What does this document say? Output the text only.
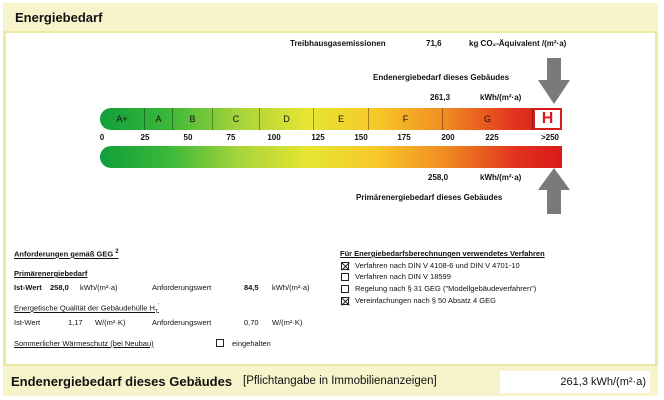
Energiebedarf
Treibhausgasemissionen	71,6	kg CO₂-Äquivalent /(m²·a)
Endenergiebedarf dieses Gebäudes
261,3	kWh/(m²·a)
A+	A	B	C	D	E	F	G	H
0	25	50	75	100	125	150	175	200	225	>250
258,0	kWh/(m²·a)
Primärenergiebedarf dieses Gebäudes
Anforderungen gemäß GEG $^2$
Primärenergiebedarf
Ist-Wert 258,0 kWh/(m²·a)	Anforderungswert	84,5 kWh/(m²·a)
Energetische Qualität der Gebäudehülle $H_T'$
Ist-Wert	1,17 W/(m²·K)	Anforderungswert	0,70 W/(m²·K)
Sommerlicher Wärmeschutz (bei Neubau)	eingehalten
Für Energiebedarfsberechnungen verwendetes Verfahren
Verfahren nach DIN V 4108-6 und DIN V 4701-10
Verfahren nach DIN V 18599
Regelung nach § 31 GEG ("Modellgebäudeverfahren")
Vereinfachungen nach § 50 Absatz 4 GEG
Endenergiebedarf dieses Gebäudes [Pflichtangabe in Immobilienanzeigen]	261,3 kWh/(m²·a)
